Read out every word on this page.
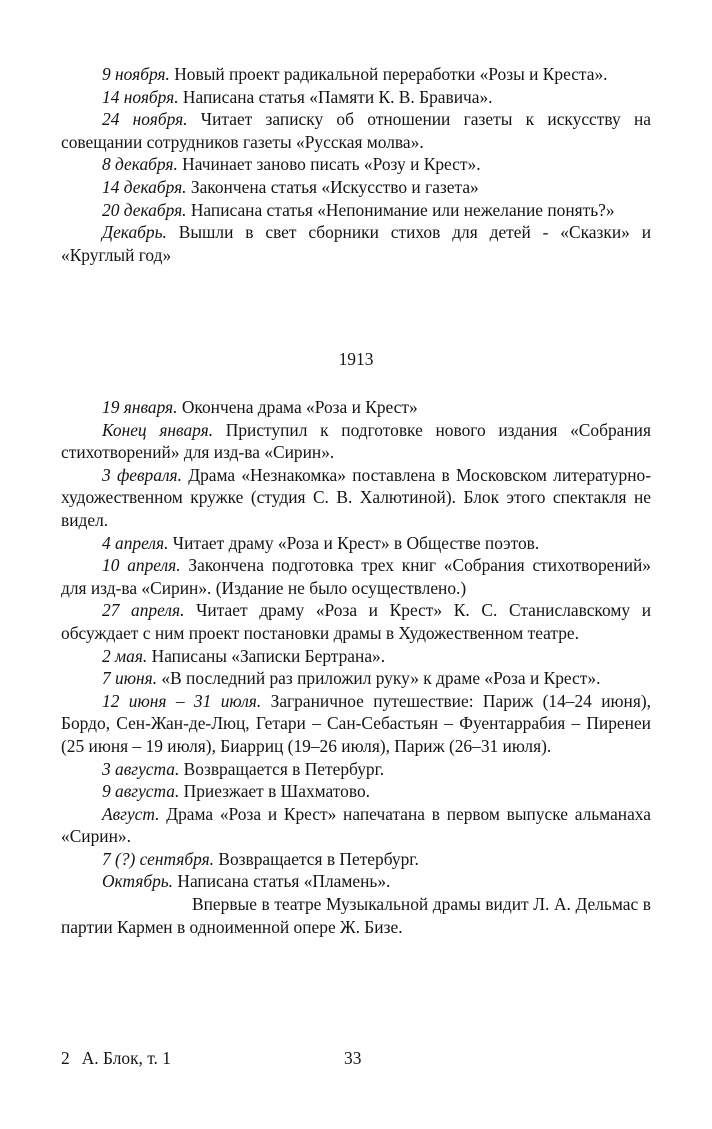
9 ноября. Новый проект радикальной переработки «Розы и Креста».

14 ноября. Написана статья «Памяти К. В. Бравича».

24 ноября. Читает записку об отношении газеты к искусству на совещании сотрудников газеты «Русская молва».

8 декабря. Начинает заново писать «Розу и Крест».

14 декабря. Закончена статья «Искусство и газета»

20 декабря. Написана статья «Непонимание или нежелание понять?»

Декабрь. Вышли в свет сборники стихов для детей - «Сказки» и «Круглый год»

1913

19 января. Окончена драма «Роза и Крест»

Конец января. Приступил к подготовке нового издания «Собрания стихотворений» для изд-ва «Сирин».

3 февраля. Драма «Незнакомка» поставлена в Московском литературно-художественном кружке (студия С. В. Халютиной). Блок этого спектакля не видел.

4 апреля. Читает драму «Роза и Крест» в Обществе поэтов.

10 апреля. Закончена подготовка трех книг «Собрания стихотворений» для изд-ва «Сирин». (Издание не было осуществлено.)

27 апреля. Читает драму «Роза и Крест» К. С. Станиславскому и обсуждает с ним проект постановки драмы в Художественном театре.

2 мая. Написаны «Записки Бертрана».

7 июня. «В последний раз приложил руку» к драме «Роза и Крест».

12 июня – 31 июля. Заграничное путешествие: Париж (14–24 июня), Бордо, Сен-Жан-де-Люц, Гетари – Сан-Себастьян – Фуентаррабия – Пиренеи (25 июня – 19 июля), Биарриц (19–26 июля), Париж (26–31 июля).

3 августа. Возвращается в Петербург.

9 августа. Приезжает в Шахматово.

Август. Драма «Роза и Крест» напечатана в первом выпуске альманаха «Сирин».

7 (?) сентября. Возвращается в Петербург.

Октябрь. Написана статья «Пламень».

Впервые в театре Музыкальной драмы видит Л. А. Дельмас в партии Кармен в одноименной опере Ж. Бизе.

2 А. Блок, т. 1	33
